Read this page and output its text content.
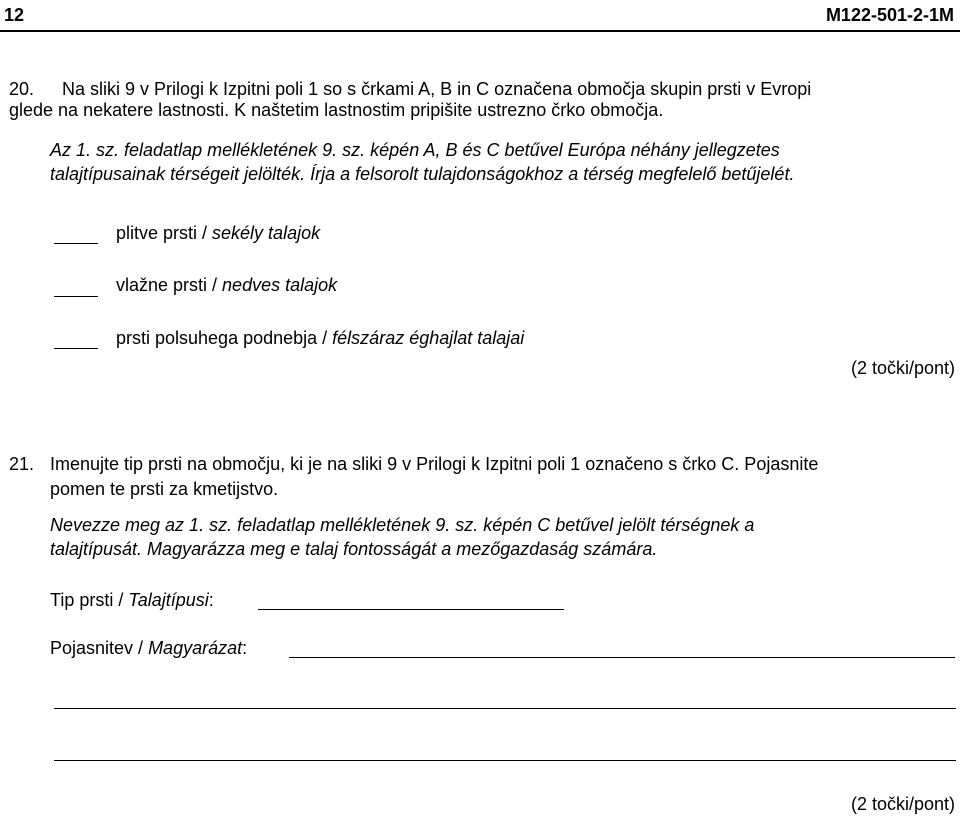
12	M122-501-2-1M
20. Na sliki 9 v Prilogi k Izpitni poli 1 so s črkami A, B in C označena območja skupin prsti v Evropi
glede na nekatere lastnosti. K naštetim lastnostim pripišite ustrezno črko območja.
Az 1. sz. feladatlap mellékletének 9. sz. képén A, B és C betűvel Európa néhány jellegzetes
talajtípusainak térségeit jelölték. Írja a felsorolt tulajdonságokhoz a térség megfelelő betűjelét.
plitve prsti / sekély talajok
vlažne prsti / nedves talajok
prsti polsuhega podnebja / félszáraz éghajlat talajai
(2 točki/pont)
21. Imenujte tip prsti na območju, ki je na sliki 9 v Prilogi k Izpitni poli 1 označeno s črko C. Pojasnite
pomen te prsti za kmetijstvo.
Nevezze meg az 1. sz. feladatlap mellékletének 9. sz. képén C betűvel jelölt térségnek a
talajtípusát. Magyarázza meg e talaj fontosságát a mezőgazdaság számára.
Tip prsti / Talajtípusi:
Pojasnitev / Magyarázat:
(2 točki/pont)
